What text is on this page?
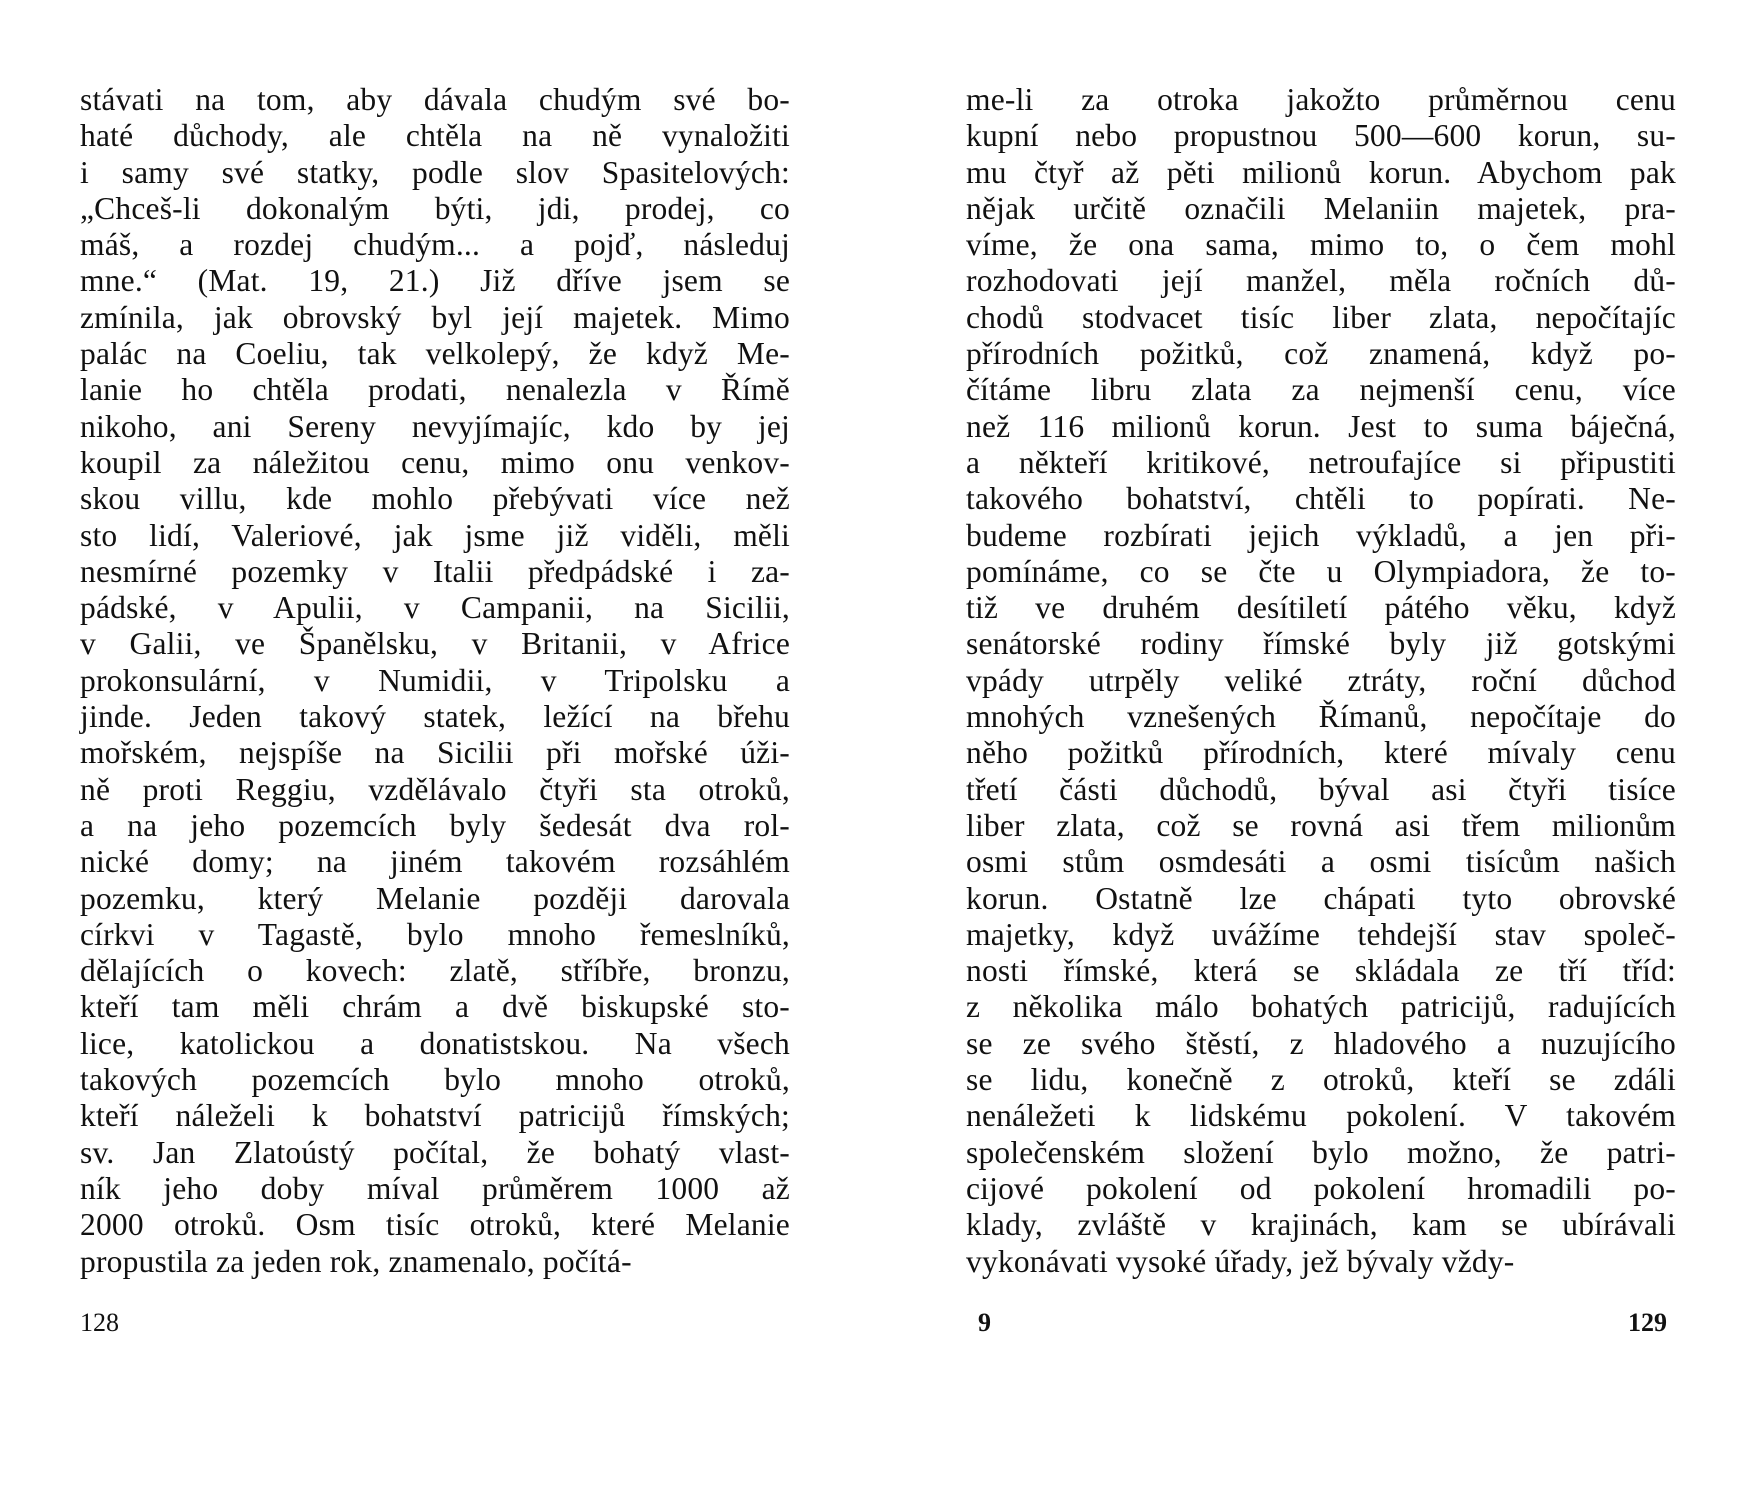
stávati na tom, aby dávala chudým své bo-
haté důchody, ale chtěla na ně vynaložiti
i samy své statky, podle slov Spasitelových:
„Chceš-li dokonalým býti, jdi, prodej, co
máš, a rozdej chudým... a pojď, následuj
mne.“ (Mat. 19, 21.) Již dříve jsem se
zmínila, jak obrovský byl její majetek. Mimo
palác na Coeliu, tak velkolepý, že když Me-
lanie ho chtěla prodati, nenalezla v Římě
nikoho, ani Sereny nevyjímajíc, kdo by jej
koupil za náležitou cenu, mimo onu venkov-
skou villu, kde mohlo přebývati více než
sto lidí, Valeriové, jak jsme již viděli, měli
nesmírné pozemky v Italii předpádské i za-
pádské, v Apulii, v Campanii, na Sicilii,
v Galii, ve Španělsku, v Britanii, v Africe
prokonsulární, v Numidii, v Tripolsku a
jinde. Jeden takový statek, ležící na břehu
mořském, nejspíše na Sicilii při mořské úži-
ně proti Reggiu, vzdělávalo čtyři sta otroků,
a na jeho pozemcích byly šedesát dva rol-
nické domy; na jiném takovém rozsáhlém
pozemku, který Melanie později darovala
církvi v Tagastě, bylo mnoho řemeslníků,
dělajících o kovech: zlatě, stříbře, bronzu,
kteří tam měli chrám a dvě biskupské sto-
lice, katolickou a donatistskou. Na všech
takových pozemcích bylo mnoho otroků,
kteří náleželi k bohatství patricijů římských;
sv. Jan Zlatoústý počítal, že bohatý vlast-
ník jeho doby míval průměrem 1000 až
2000 otroků. Osm tisíc otroků, které Melanie
propustila za jeden rok, znamenalo, počítá-
me-li za otroka jakožto průměrnou cenu
kupní nebo propustnou 500—600 korun, su-
mu čtyř až pěti milionů korun. Abychom pak
nějak určitě označili Melaniin majetek, pra-
víme, že ona sama, mimo to, o čem mohl
rozhodovati její manžel, měla ročních dů-
chodů stodvacet tisíc liber zlata, nepočítajíc
přírodních požitků, což znamená, když po-
čítáme libru zlata za nejmenší cenu, více
než 116 milionů korun. Jest to suma báječná,
a někteří kritikové, netroufajíce si připustiti
takového bohatství, chtěli to popírati. Ne-
budeme rozbírati jejich výkladů, a jen při-
pomínáme, co se čte u Olympiadora, že to-
tiž ve druhém desítiletí pátého věku, když
senátorské rodiny římské byly již gotskými
vpády utrpěly veliké ztráty, roční důchod
mnohých vznešených Římanů, nepočítaje do
něho požitků přírodních, které mívaly cenu
třetí části důchodů, býval asi čtyři tisíce
liber zlata, což se rovná asi třem milionům
osmi stům osmdesáti a osmi tisícům našich
korun. Ostatně lze chápati tyto obrovské
majetky, když uvážíme tehdejší stav společ-
nosti římské, která se skládala ze tří tříd:
z několika málo bohatých patricijů, radujících
se ze svého štěstí, z hladového a nuzujícího
se lidu, konečně z otroků, kteří se zdáli
nenáležeti k lidskému pokolení. V takovém
společenském složení bylo možno, že patri-
cijové pokolení od pokolení hromadili po-
klady, zvláště v krajinách, kam se ubírávali
vykonávati vysoké úřady, jež bývaly vždy-
128	9	129
